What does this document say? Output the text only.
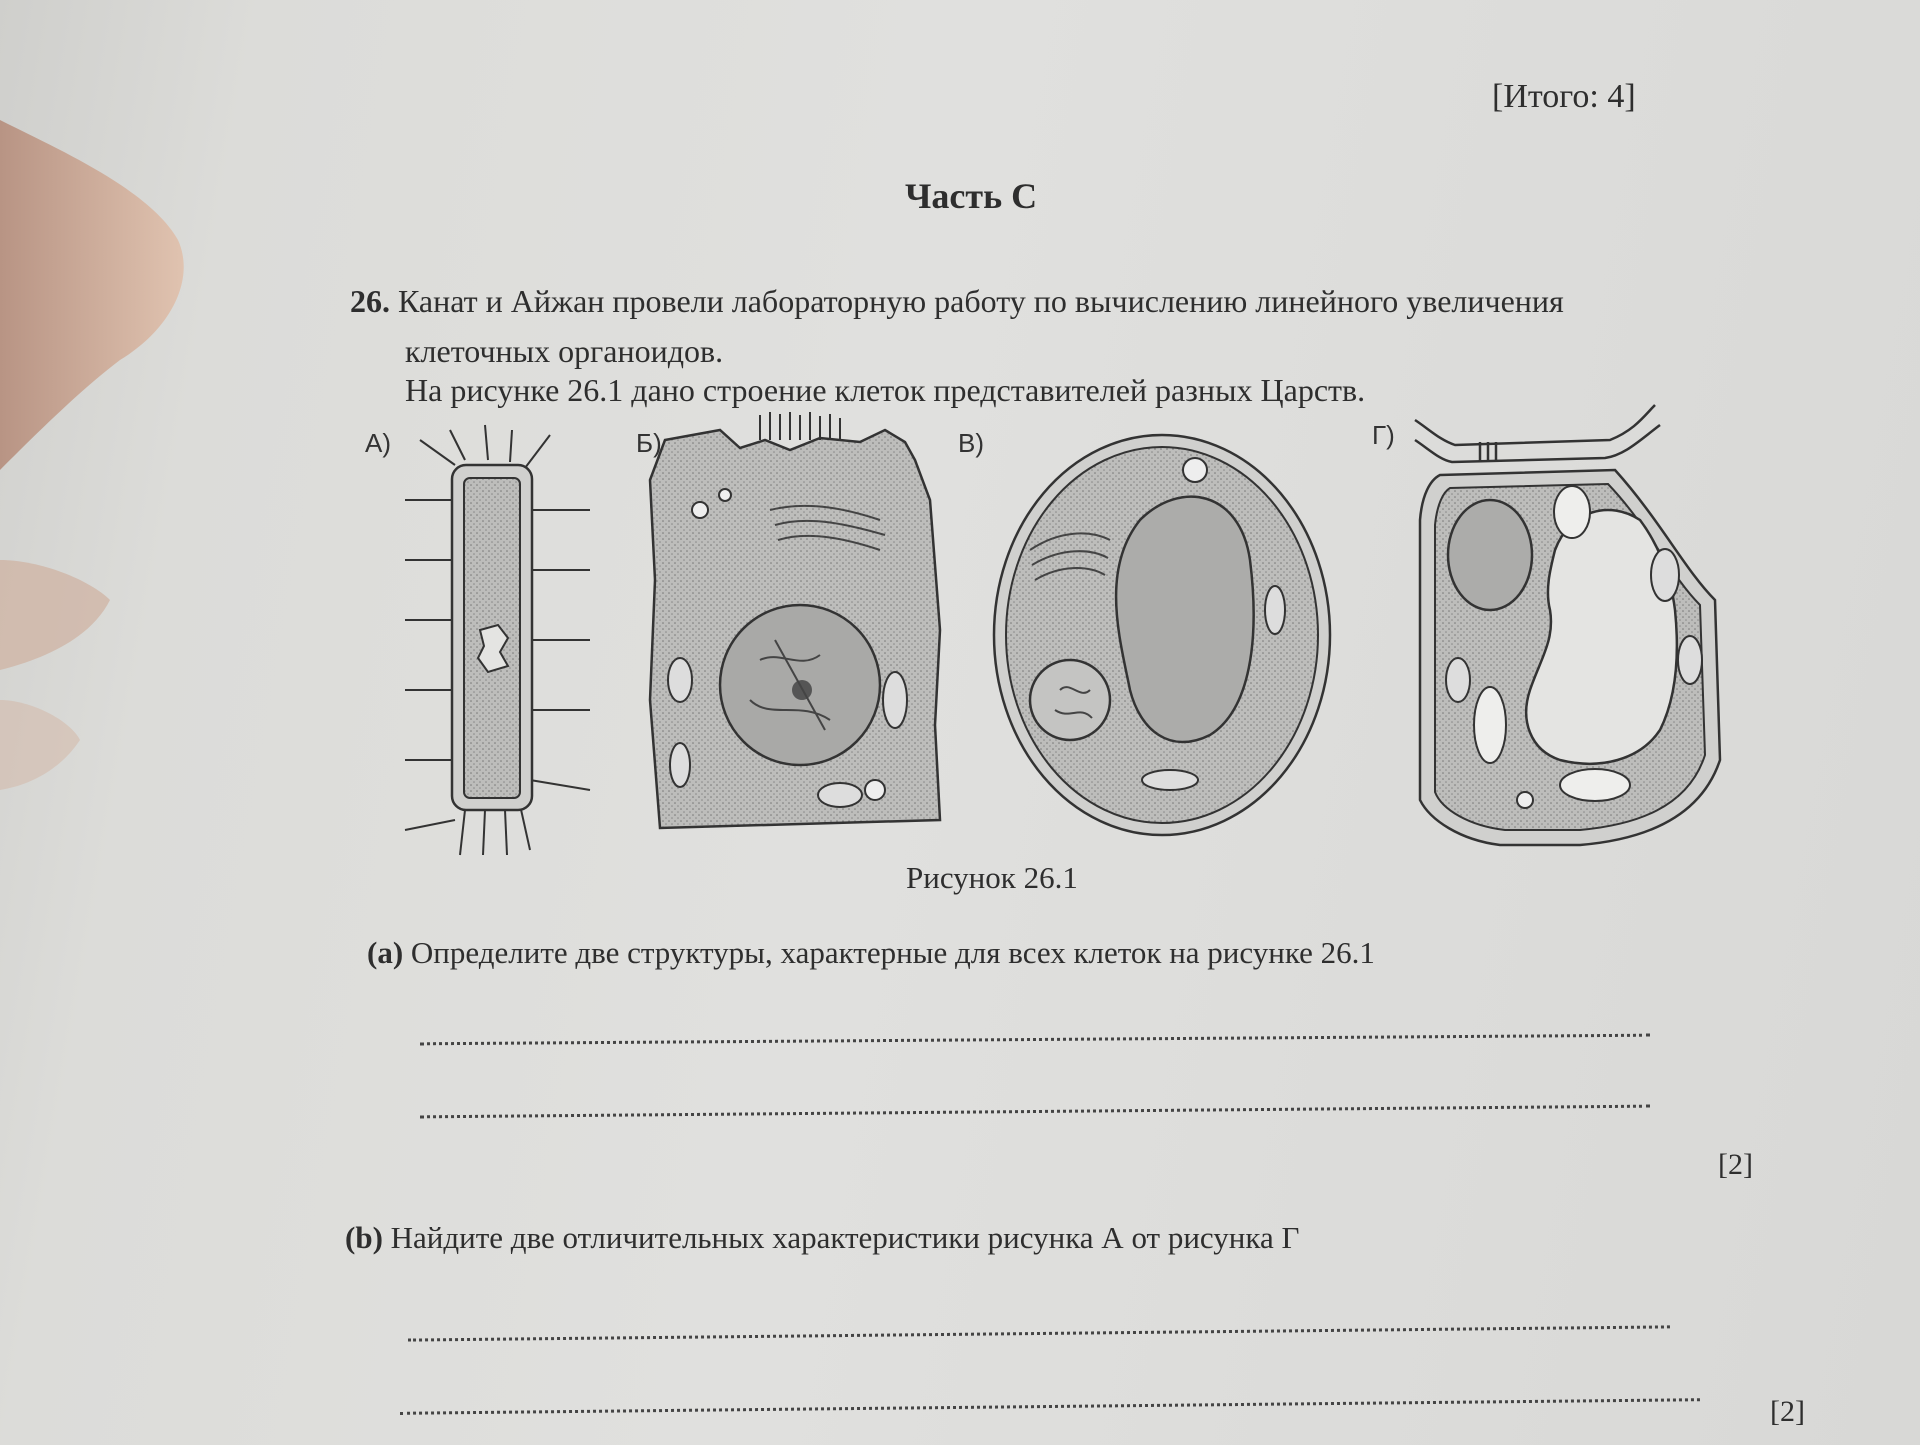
[Итого: 4]
Часть C
26. Канат и Айжан провели лабораторную работу по вычислению линейного увеличения
клеточных органоидов.
На рисунке 26.1 дано строение клеток представителей разных Царств.
А)	Б)	В)	Г)
Рисунок 26.1
(a) Определите две структуры, характерные для всех клеток на рисунке 26.1
[2]
(b) Найдите две отличительных характеристики рисунка А от рисунка Г
[2]
